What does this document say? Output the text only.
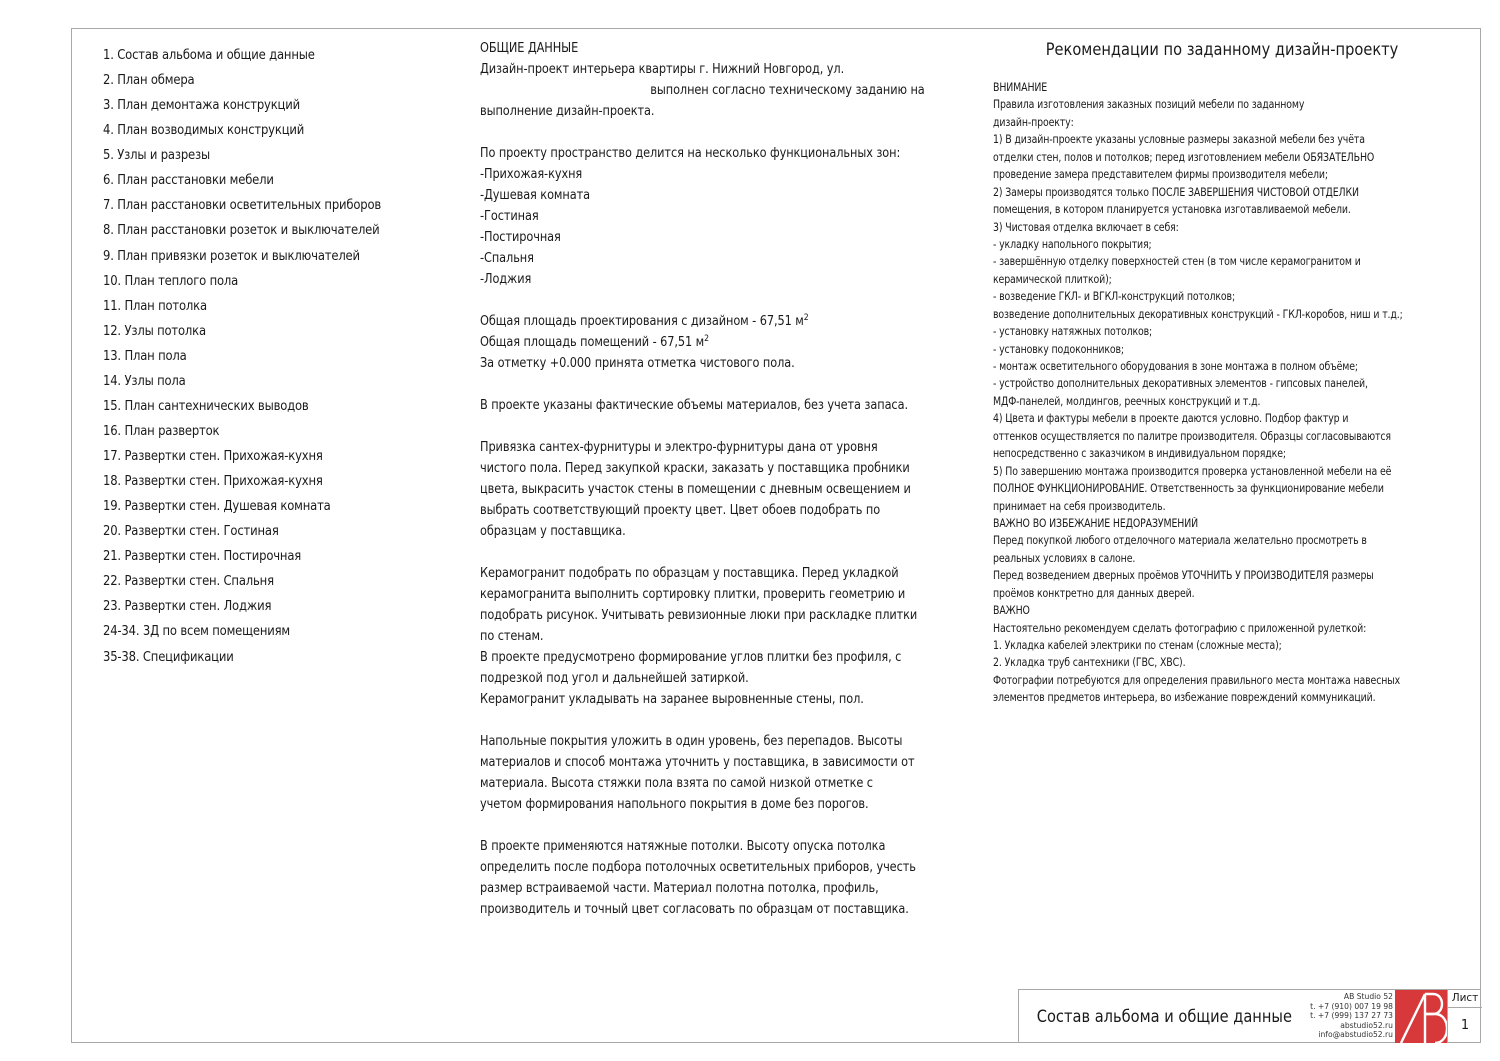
1. Состав альбома и общие данные
2. План обмера
3. План демонтажа конструкций
4. План возводимых конструкций
5. Узлы и разрезы
6. План расстановки мебели
7. План расстановки осветительных приборов
8. План расстановки розеток и выключателей
9. План привязки розеток и выключателей
10. План теплого пола
11. План потолка
12. Узлы потолка
13. План пола
14. Узлы пола
15. План сантехнических выводов
16. План разверток
17. Развертки стен. Прихожая-кухня
18. Развертки стен. Прихожая-кухня
19. Развертки стен. Душевая комната
20. Развертки стен. Гостиная
21. Развертки стен. Постирочная
22. Развертки стен. Спальня
23. Развертки стен. Лоджия
24-34. 3Д по всем помещениям
35-38. Спецификации
ОБЩИЕ ДАННЫЕ
Дизайн-проект интерьера квартиры г. Нижний Новгород, ул.
выполнен согласно техническому заданию на
выполнение дизайн-проекта.
По проекту пространство делится на несколько функциональных зон:
-Прихожая-кухня
-Душевая комната
-Гостиная
-Постирочная
-Спальня
-Лоджия
Общая площадь проектирования с дизайном - 67,51 $м^2$
Общая площадь помещений - 67,51 $м^2$
За отметку +0.000 принята отметка чистового пола.
В проекте указаны фактические объемы материалов, без учета запаса.
Привязка сантех-фурнитуры и электро-фурнитуры дана от уровня
чистого пола. Перед закупкой краски, заказать у поставщика пробники
цвета, выкрасить участок стены в помещении с дневным освещением и
выбрать соответствующий проекту цвет. Цвет обоев подобрать по
образцам у поставщика.
Керамогранит подобрать по образцам у поставщика. Перед укладкой
керамогранита выполнить сортировку плитки, проверить геометрию и
подобрать рисунок. Учитывать ревизионные люки при раскладке плитки
по стенам.
В проекте предусмотрено формирование углов плитки без профиля, с
подрезкой под угол и дальнейшей затиркой.
Керамогранит укладывать на заранее выровненные стены, пол.
Напольные покрытия уложить в один уровень, без перепадов. Высоты
материалов и способ монтажа уточнить у поставщика, в зависимости от
материала. Высота стяжки пола взята по самой низкой отметке с
учетом формирования напольного покрытия в доме без порогов.
В проекте применяются натяжные потолки. Высоту опуска потолка
определить после подбора потолочных осветительных приборов, учесть
размер встраиваемой части. Материал полотна потолка, профиль,
производитель и точный цвет согласовать по образцам от поставщика.
Рекомендации по заданному дизайн-проекту
ВНИМАНИЕ
Правила изготовления заказных позиций мебели по заданному
дизайн-проекту:
1) В дизайн-проекте указаны условные размеры заказной мебели без учёта
отделки стен, полов и потолков; перед изготовлением мебели ОБЯЗАТЕЛЬНО
проведение замера представителем фирмы производителя мебели;
2) Замеры производятся только ПОСЛЕ ЗАВЕРШЕНИЯ ЧИСТОВОЙ ОТДЕЛКИ
помещения, в котором планируется установка изготавливаемой мебели.
3) Чистовая отделка включает в себя:
- укладку напольного покрытия;
- завершённую отделку поверхностей стен (в том числе керамогранитом и
керамической плиткой);
- возведение ГКЛ- и ВГКЛ-конструкций потолков;
возведение дополнительных декоративных конструкций - ГКЛ-коробов, ниш и т.д.;
- установку натяжных потолков;
- установку подоконников;
- монтаж осветительного оборудования в зоне монтажа в полном объёме;
- устройство дополнительных декоративных элементов - гипсовых панелей,
МДФ-панелей, молдингов, реечных конструкций и т.д.
4) Цвета и фактуры мебели в проекте даются условно. Подбор фактур и
оттенков осуществляется по палитре производителя. Образцы согласовываются
непосредственно с заказчиком в индивидуальном порядке;
5) По завершению монтажа производится проверка установленной мебели на её
ПОЛНОЕ ФУНКЦИОНИРОВАНИЕ. Ответственность за функционирование мебели
принимает на себя производитель.
ВАЖНО ВО ИЗБЕЖАНИЕ НЕДОРАЗУМЕНИЙ
Перед покупкой любого отделочного материала желательно просмотреть в
реальных условиях в салоне.
Перед возведением дверных проёмов УТОЧНИТЬ У ПРОИЗВОДИТЕЛЯ размеры
проёмов конктретно для данных дверей.
ВАЖНО
Настоятельно рекомендуем сделать фотографию с приложенной рулеткой:
1. Укладка кабелей электрики по стенам (сложные места);
2. Укладка труб сантехники (ГВС, ХВС).
Фотографии потребуются для определения правильного места монтажа навесных
элементов предметов интерьера, во избежание повреждений коммуникаций.
Состав альбома и общие данные
AB Studio 52
t. +7 (910) 007 19 98
t. +7 (999) 137 27 73
abstudio52.ru
info@abstudio52.ru
Лист
1
